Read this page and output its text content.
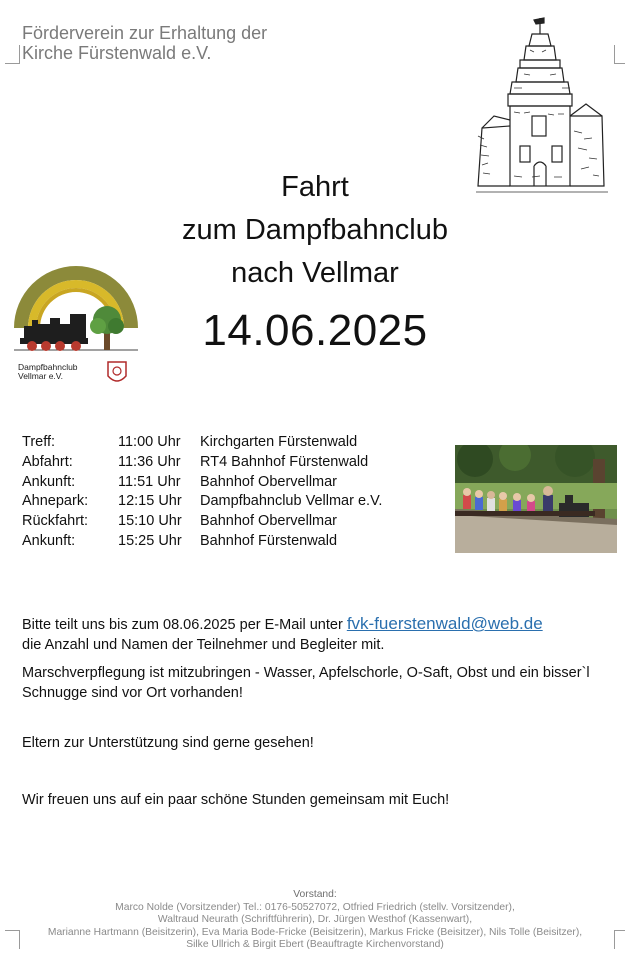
Förderverein zur Erhaltung der
Kirche Fürstenwald e.V.
Fahrt
zum Dampfbahnclub
nach Vellmar
14.06.2025
Dampfbahnclub
Vellmar e.V.
Treff:	11:00 Uhr Kirchgarten Fürstenwald
Abfahrt:	11:36 Uhr RT4 Bahnhof Fürstenwald
Ankunft:	11:51 Uhr Bahnhof Obervellmar
Ahnepark: 12:15 Uhr Dampfbahnclub Vellmar e.V.
Rückfahrt: 15:10 Uhr Bahnhof Obervellmar
Ankunft:	15:25 Uhr Bahnhof Fürstenwald
Bitte teilt uns bis zum 08.06.2025 per E-Mail unter fvk-fuerstenwald@web.de
die Anzahl und Namen der Teilnehmer und Begleiter mit.
Marschverpflegung ist mitzubringen - Wasser, Apfelschorle, O-Saft, Obst und ein bisser`l
Schnugge sind vor Ort vorhanden!
Eltern zur Unterstützung sind gerne gesehen!
Wir freuen uns auf ein paar schöne Stunden gemeinsam mit Euch!
Vorstand:
Marco Nolde (Vorsitzender) Tel.: 0176-50527072, Otfried Friedrich (stellv. Vorsitzender),
Waltraud Neurath (Schriftführerin), Dr. Jürgen Westhof (Kassenwart),
Marianne Hartmann (Beisitzerin), Eva Maria Bode-Fricke (Beisitzerin), Markus Fricke (Beisitzer), Nils Tolle (Beisitzer),
Silke Ullrich & Birgit Ebert (Beauftragte Kirchenvorstand)
